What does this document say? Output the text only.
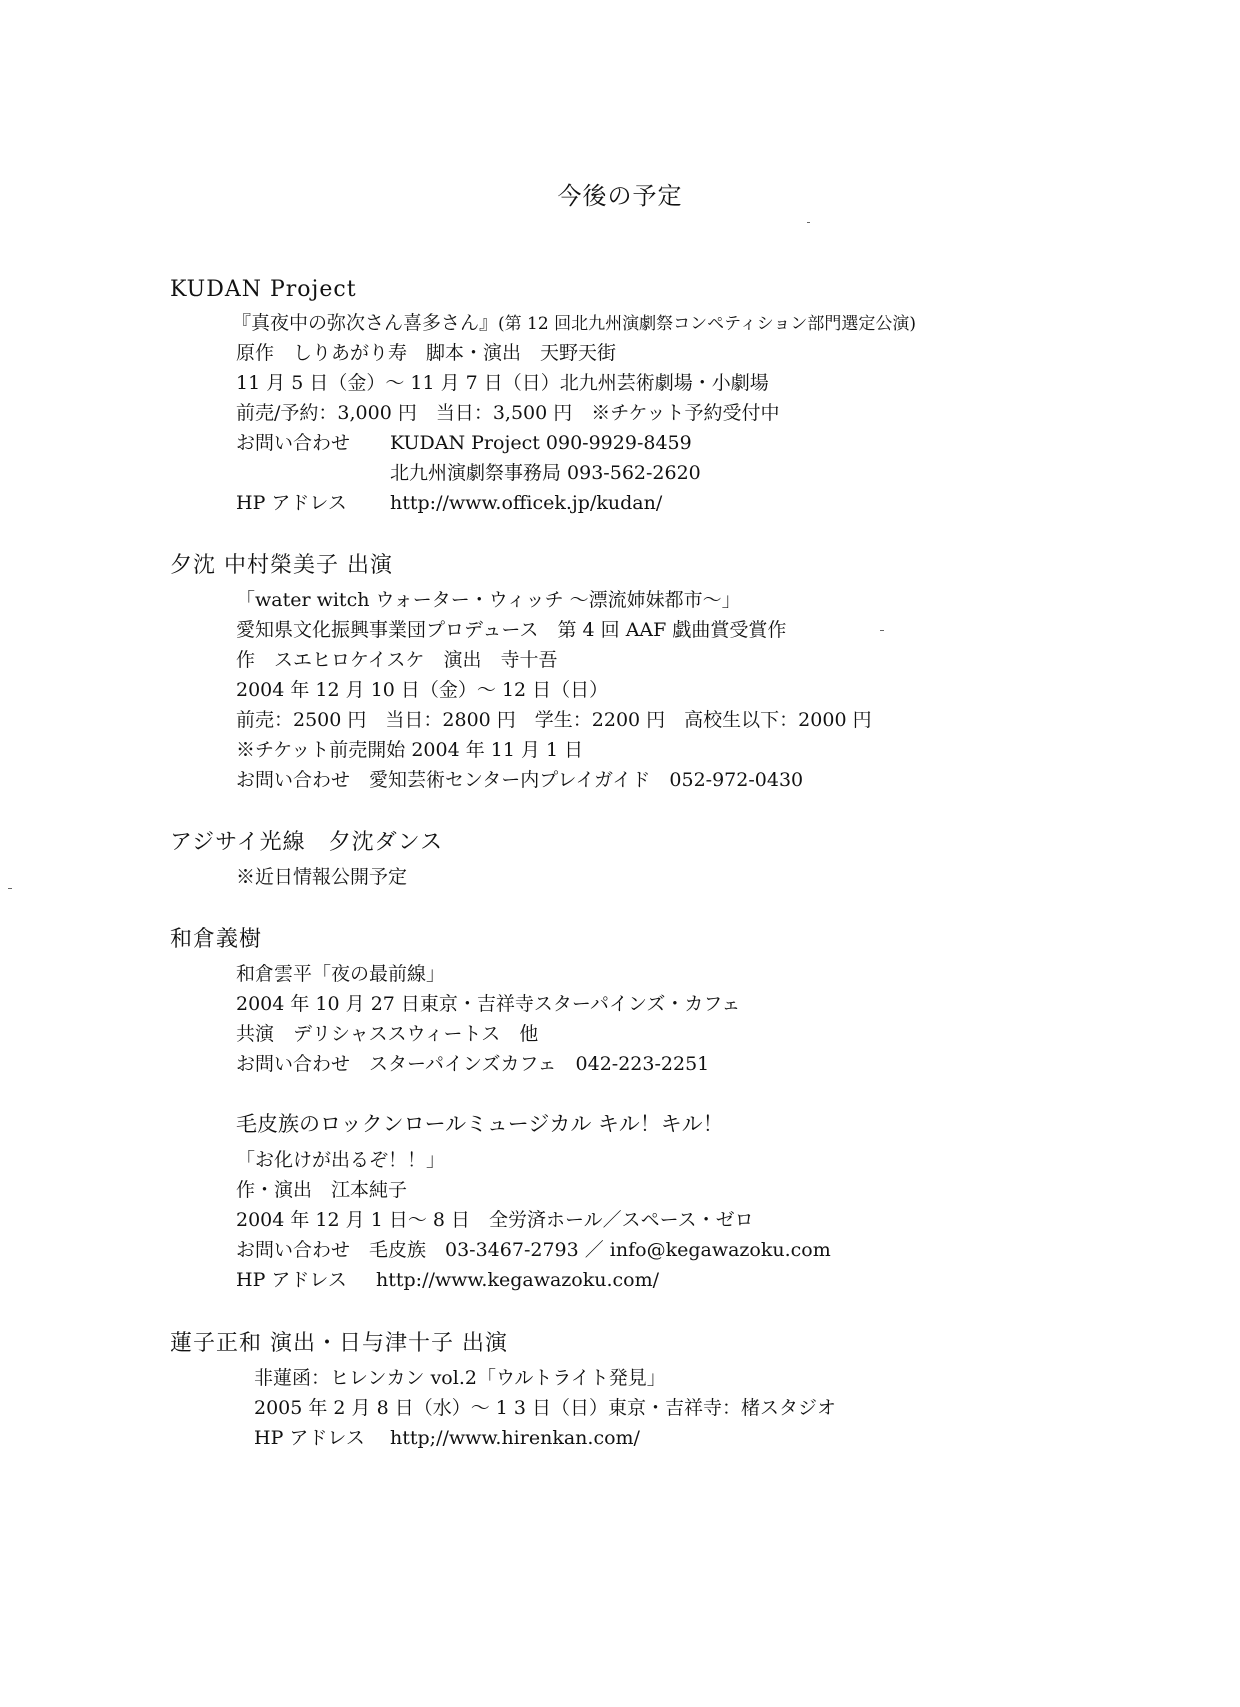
今後の予定
KUDAN Project
『真夜中の弥次さん喜多さん』(第 12 回北九州演劇祭コンペティション部門選定公演)
原作　しりあがり寿　脚本・演出　天野天街
11 月 5 日（金）～ 11 月 7 日（日）北九州芸術劇場・小劇場
前売/予約：3,000 円　当日：3,500 円　※チケット予約受付中
お問い合わせ KUDAN Project 090-9929-8459
北九州演劇祭事務局 093-562-2620
HP アドレス http://www.officek.jp/kudan/
夕沈 中村榮美子 出演
「water witch ウォーター・ウィッチ ～漂流姉妹都市～」
愛知県文化振興事業団プロデュース　第 4 回 AAF 戯曲賞受賞作
作　スエヒロケイスケ　演出　寺十吾
2004 年 12 月 10 日（金）～ 12 日（日）
前売：2500 円　当日：2800 円　学生：2200 円　高校生以下：2000 円
※チケット前売開始 2004 年 11 月 1 日
お問い合わせ　愛知芸術センター内プレイガイド　052-972-0430
アジサイ光線　夕沈ダンス
※近日情報公開予定
和倉義樹
和倉雲平「夜の最前線」
2004 年 10 月 27 日東京・吉祥寺スターパインズ・カフェ
共演　デリシャススウィートス　他
お問い合わせ　スターパインズカフェ　042-223-2251
毛皮族のロックンロールミュージカル キル！キル！
「お化けが出るぞ！！」
作・演出　江本純子
2004 年 12 月 1 日～ 8 日　全労済ホール／スペース・ゼロ
お問い合わせ　毛皮族　03-3467-2793 ／ info@kegawazoku.com
HP アドレス http://www.kegawazoku.com/
蓮子正和 演出・日与津十子 出演
非蓮函：ヒレンカン vol.2「ウルトライト発見」
2005 年 2 月 8 日（水）～ 1 3 日（日）東京・吉祥寺：楮スタジオ
HP アドレス http;//www.hirenkan.com/
